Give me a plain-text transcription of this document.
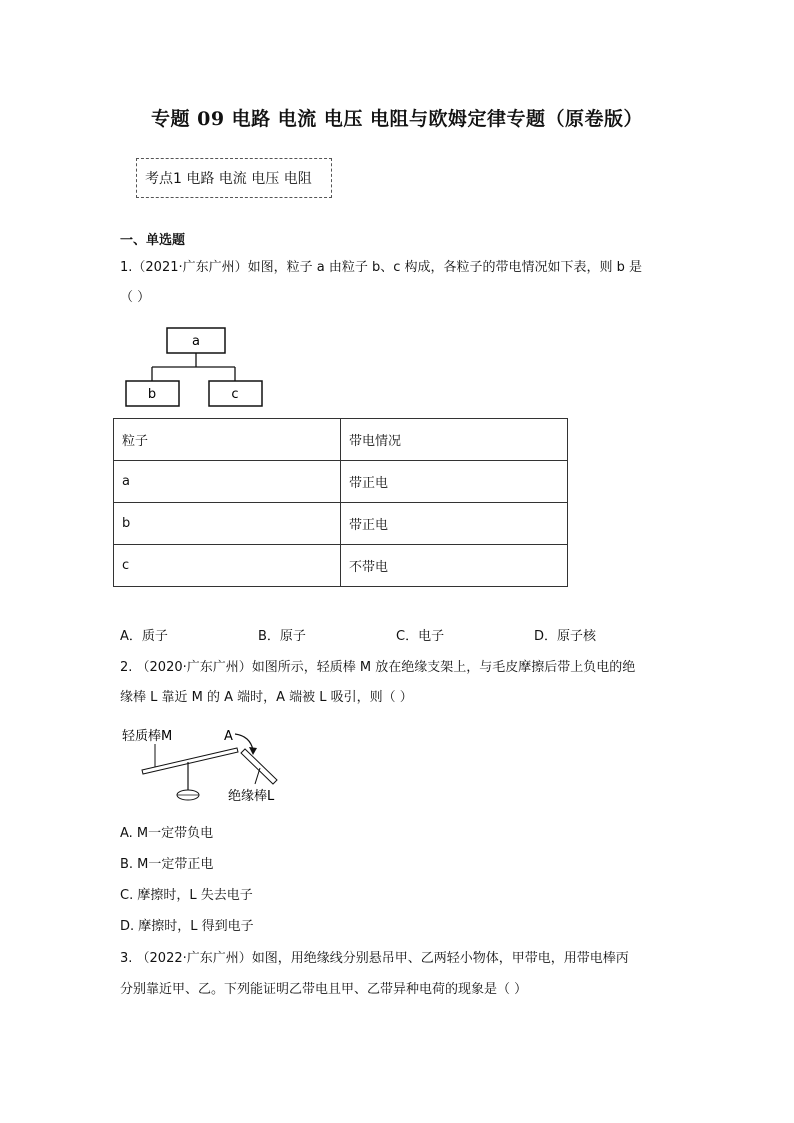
专题 09 电路 电流 电压 电阻与欧姆定律专题（原卷版）
考点1 电路 电流 电压 电阻
一、单选题
1.（2021·广东广州）如图，粒子 a 由粒子 b、c 构成，各粒子的带电情况如下表，则 b 是
（ ）
a
b	c
粒子	带电情况
a	带正电
b	带正电
c	不带电
A．质子	B．原子	C．电子	D．原子核
2. （2020·广东广州）如图所示，轻质棒 M 放在绝缘支架上，与毛皮摩擦后带上负电的绝
缘棒 L 靠近 M 的 A 端时，A 端被 L 吸引，则（ ）
轻质棒M	A
绝缘棒L
A. M一定带负电
B. M一定带正电
C. 摩擦时，L 失去电子
D. 摩擦时，L 得到电子
3. （2022·广东广州）如图，用绝缘线分别悬吊甲、乙两轻小物体，甲带电，用带电棒丙
分别靠近甲、乙。下列能证明乙带电且甲、乙带异种电荷的现象是（ ）
